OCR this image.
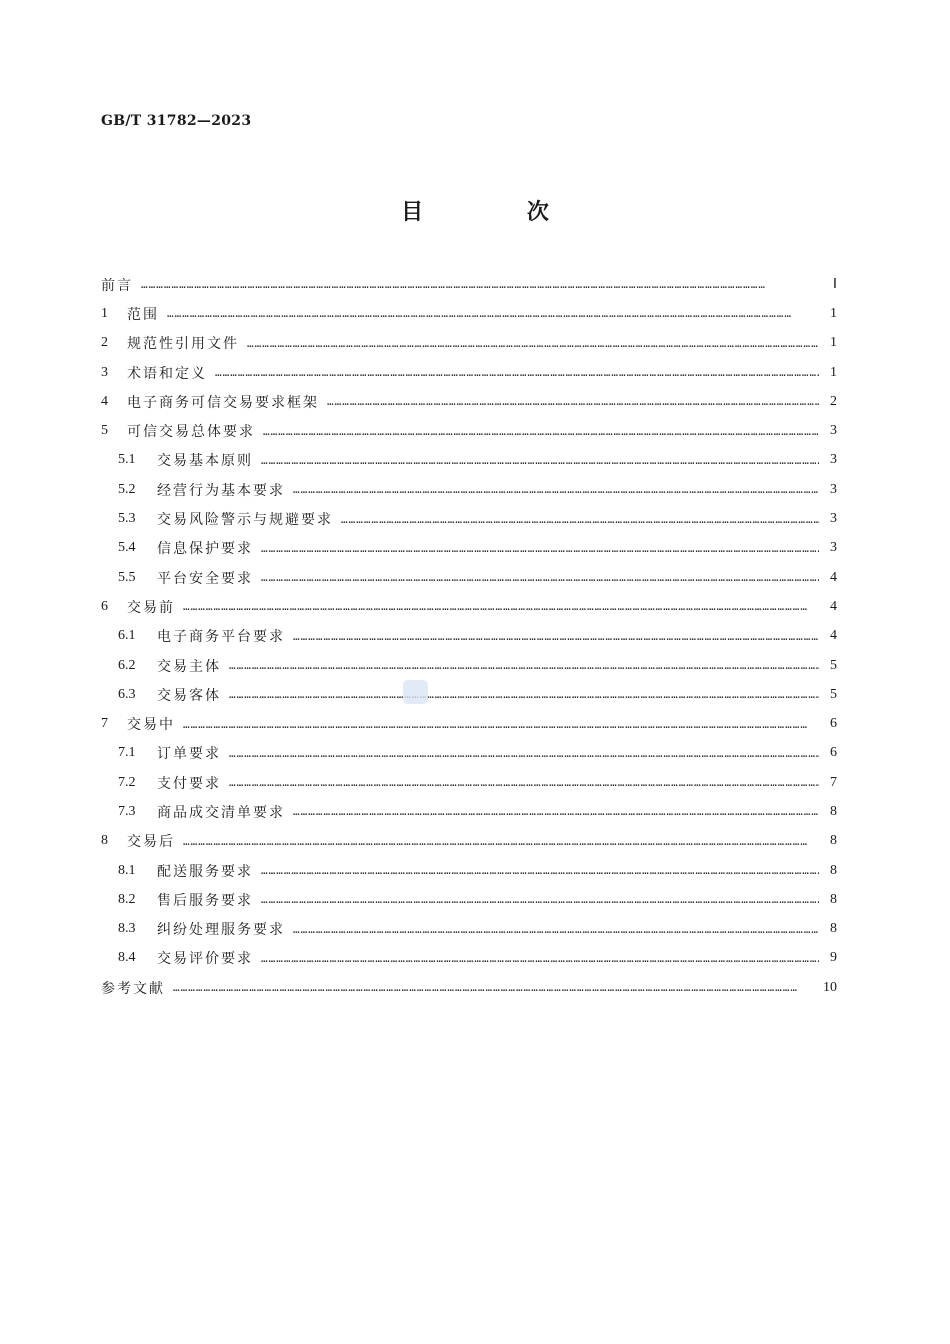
GB/T 31782—2023
目 次
前言 …………………………………………………………………………………………………………………………………………………………………………………………………………………………	Ⅰ
1	范围 …………………………………………………………………………………………………………………………………………………………………………………………………………………………	1
2	规范性引用文件 …………………………………………………………………………………………………………………………………………………………………………………………………………………………	1
3	术语和定义 …………………………………………………………………………………………………………………………………………………………………………………………………………………………	1
4	电子商务可信交易要求框架 …………………………………………………………………………………………………………………………………………………………………………………………………………………………	2
5	可信交易总体要求 …………………………………………………………………………………………………………………………………………………………………………………………………………………………	3
5.1	交易基本原则 …………………………………………………………………………………………………………………………………………………………………………………………………………………………	3
5.2	经营行为基本要求 …………………………………………………………………………………………………………………………………………………………………………………………………………………………	3
5.3	交易风险警示与规避要求 …………………………………………………………………………………………………………………………………………………………………………………………………………………………	3
5.4	信息保护要求 …………………………………………………………………………………………………………………………………………………………………………………………………………………………	3
5.5	平台安全要求 …………………………………………………………………………………………………………………………………………………………………………………………………………………………	4
6	交易前 …………………………………………………………………………………………………………………………………………………………………………………………………………………………	4
6.1	电子商务平台要求 …………………………………………………………………………………………………………………………………………………………………………………………………………………………	4
6.2	交易主体 …………………………………………………………………………………………………………………………………………………………………………………………………………………………	5
6.3	交易客体 …………………………………………………………………………………………………………………………………………………………………………………………………………………………	5
7	交易中 …………………………………………………………………………………………………………………………………………………………………………………………………………………………	6
7.1	订单要求 …………………………………………………………………………………………………………………………………………………………………………………………………………………………	6
7.2	支付要求 …………………………………………………………………………………………………………………………………………………………………………………………………………………………	7
7.3	商品成交清单要求 …………………………………………………………………………………………………………………………………………………………………………………………………………………………	8
8	交易后 …………………………………………………………………………………………………………………………………………………………………………………………………………………………	8
8.1	配送服务要求 …………………………………………………………………………………………………………………………………………………………………………………………………………………………	8
8.2	售后服务要求 …………………………………………………………………………………………………………………………………………………………………………………………………………………………	8
8.3	纠纷处理服务要求 …………………………………………………………………………………………………………………………………………………………………………………………………………………………	8
8.4	交易评价要求 …………………………………………………………………………………………………………………………………………………………………………………………………………………………	9
参考文献 …………………………………………………………………………………………………………………………………………………………………………………………………………………………	10
